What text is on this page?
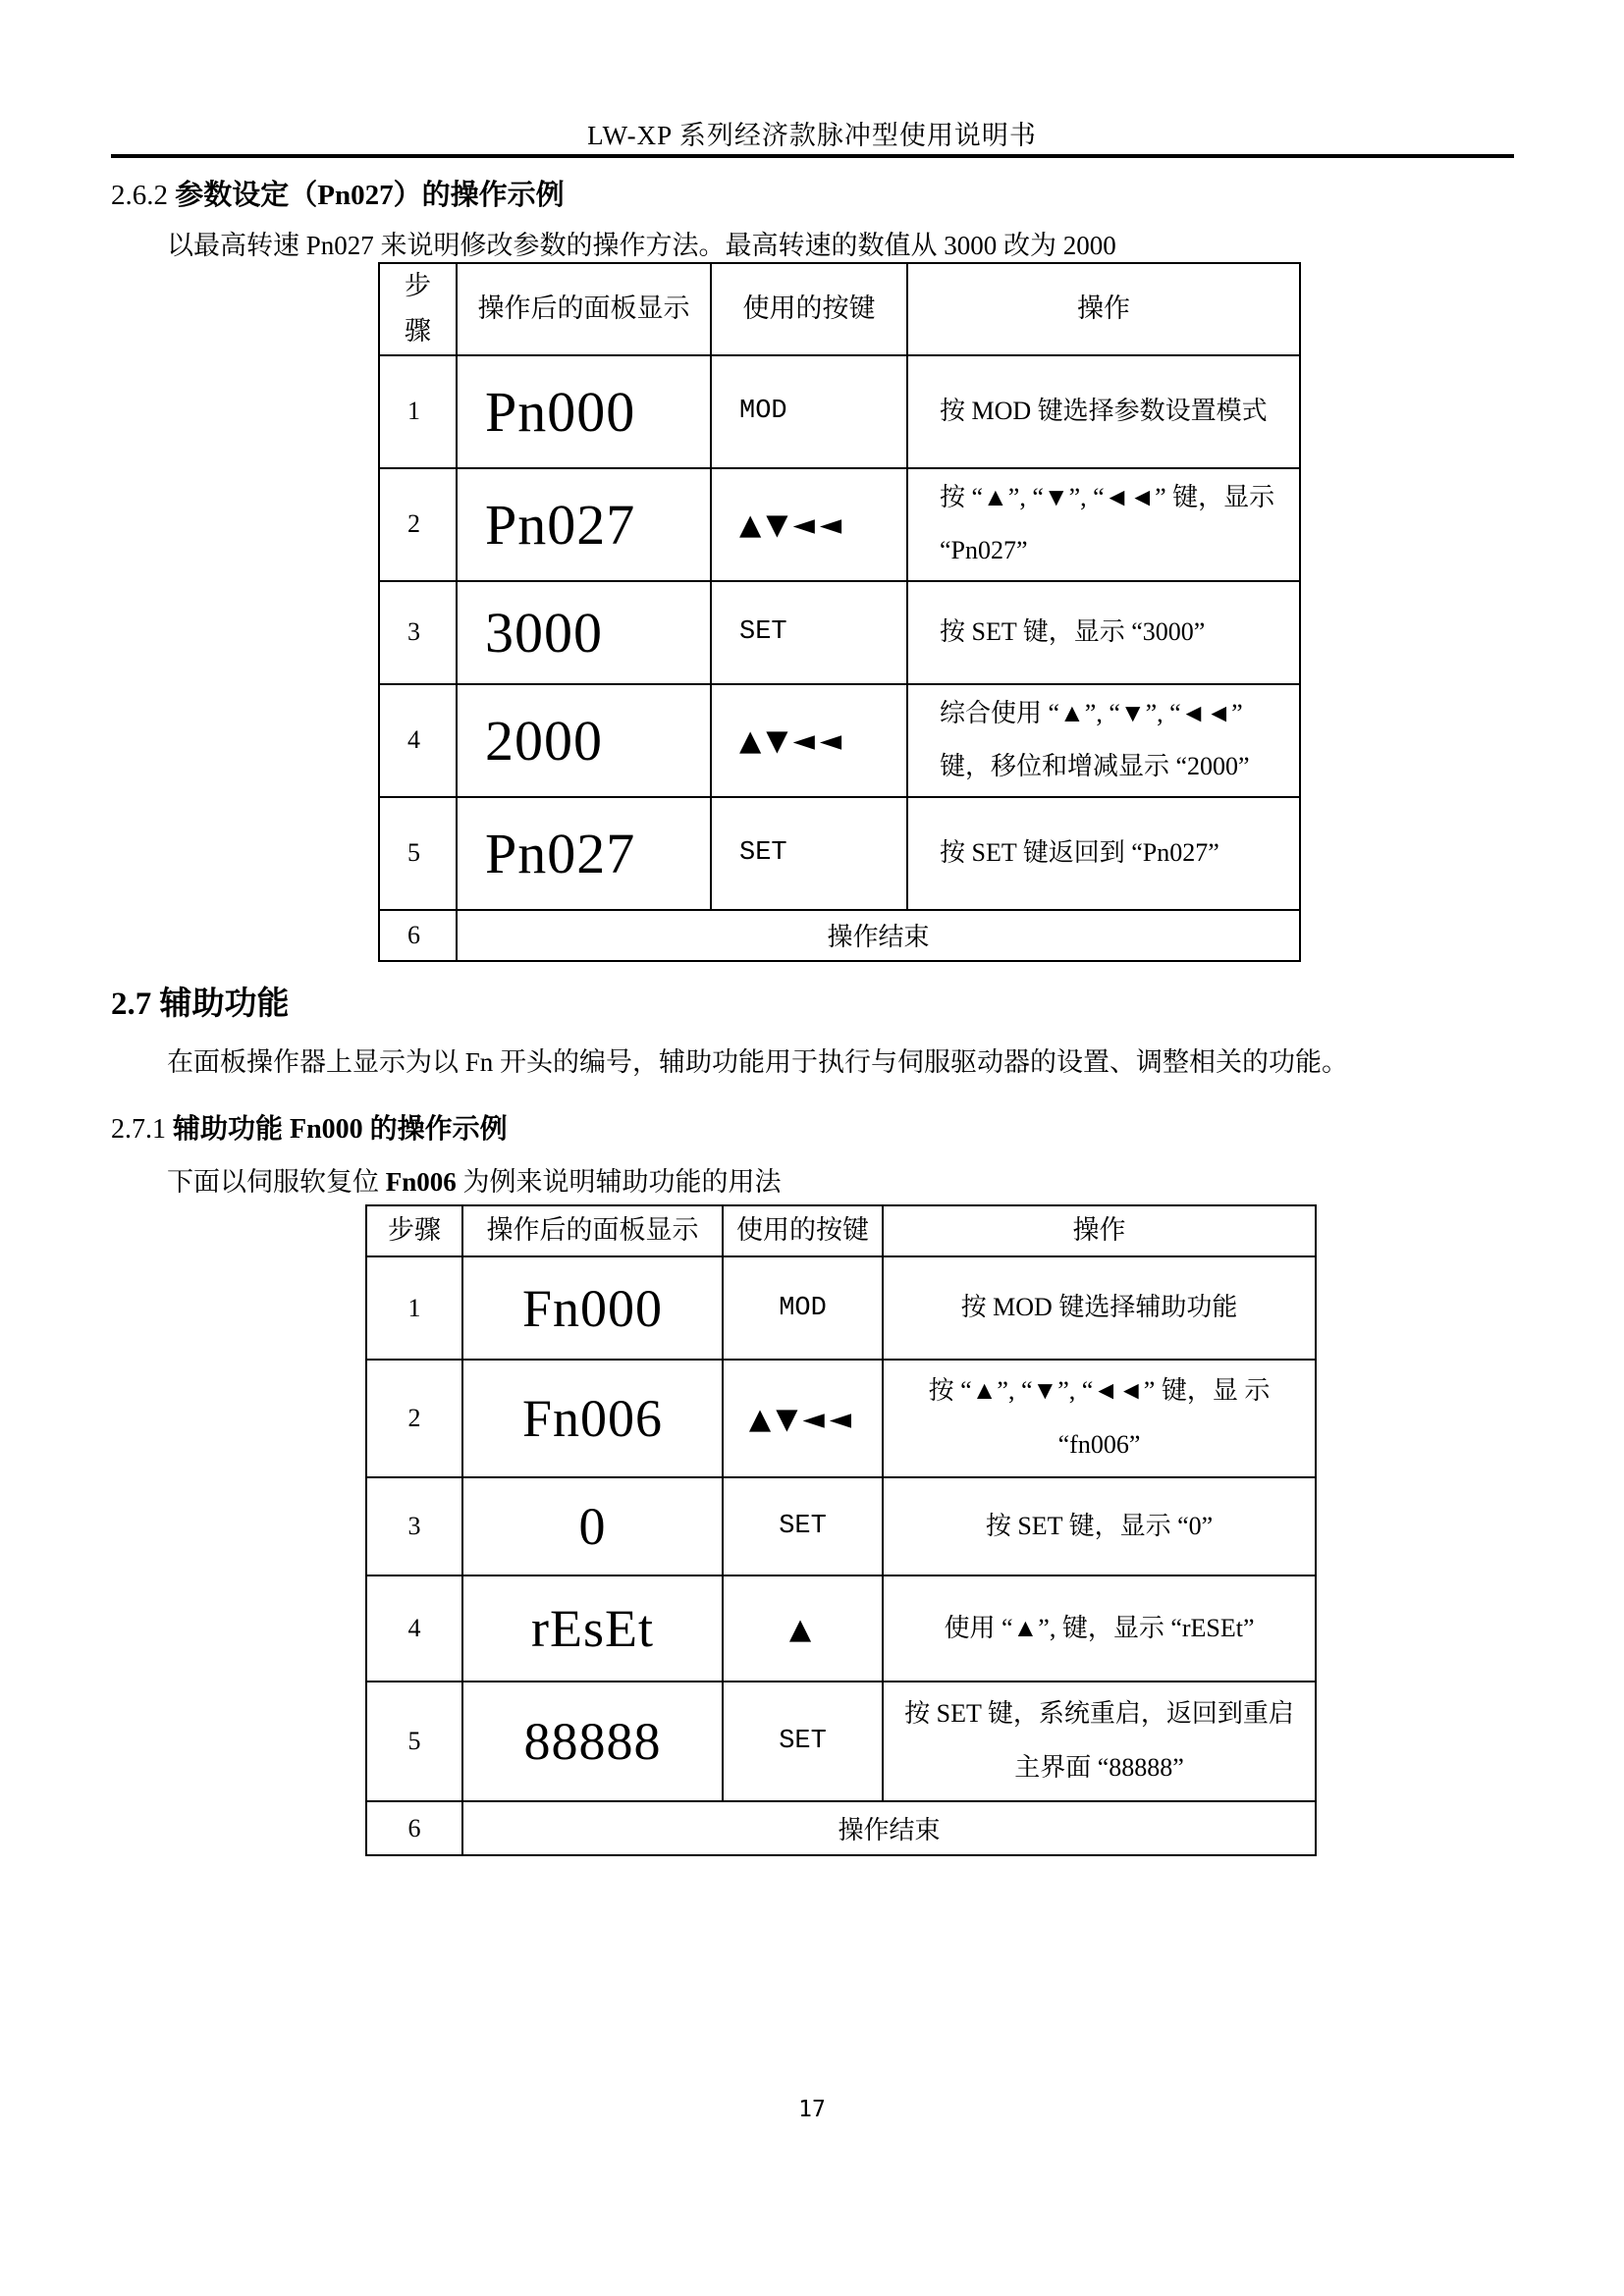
LW-XP 系列经济款脉冲型使用说明书
2.6.2 参数设定（Pn027）的操作示例
以最高转速 Pn027 来说明修改参数的操作方法。最高转速的数值从 3000 改为 2000
步骤	操作后的面板显示	使用的按键	操作
1	Pn000	MOD	按 MOD 键选择参数设置模式
2	Pn027	▲▼◄◄	按 “▲”, “▼”, “◄◄” 键，显示 “Pn027”
3	3000	SET	按 SET 键，显示 “3000”
4	2000	▲▼◄◄	综合使用 “▲”, “▼”, “◄◄” 键，移位和增减显示 “2000”
5	Pn027	SET	按 SET 键返回到 “Pn027”
6	操作结束		
2.7 辅助功能
在面板操作器上显示为以 Fn 开头的编号，辅助功能用于执行与伺服驱动器的设置、调整相关的功能。
2.7.1 辅助功能 Fn000 的操作示例
下面以伺服软复位 Fn006 为例来说明辅助功能的用法
步骤	操作后的面板显示	使用的按键	操作
1	Fn000	MOD	按 MOD 键选择辅助功能
2	Fn006	▲▼◄◄	按 “▲”, “▼”, “◄◄” 键，显 示 “fn006”
3	0	SET	按 SET 键，显示 “0”
4	rEsEt	▲	使用 “▲”, 键，显示 “rESEt”
5	88888	SET	按 SET 键，系统重启，返回到重启 主界面 “88888”
6	操作结束		
17
